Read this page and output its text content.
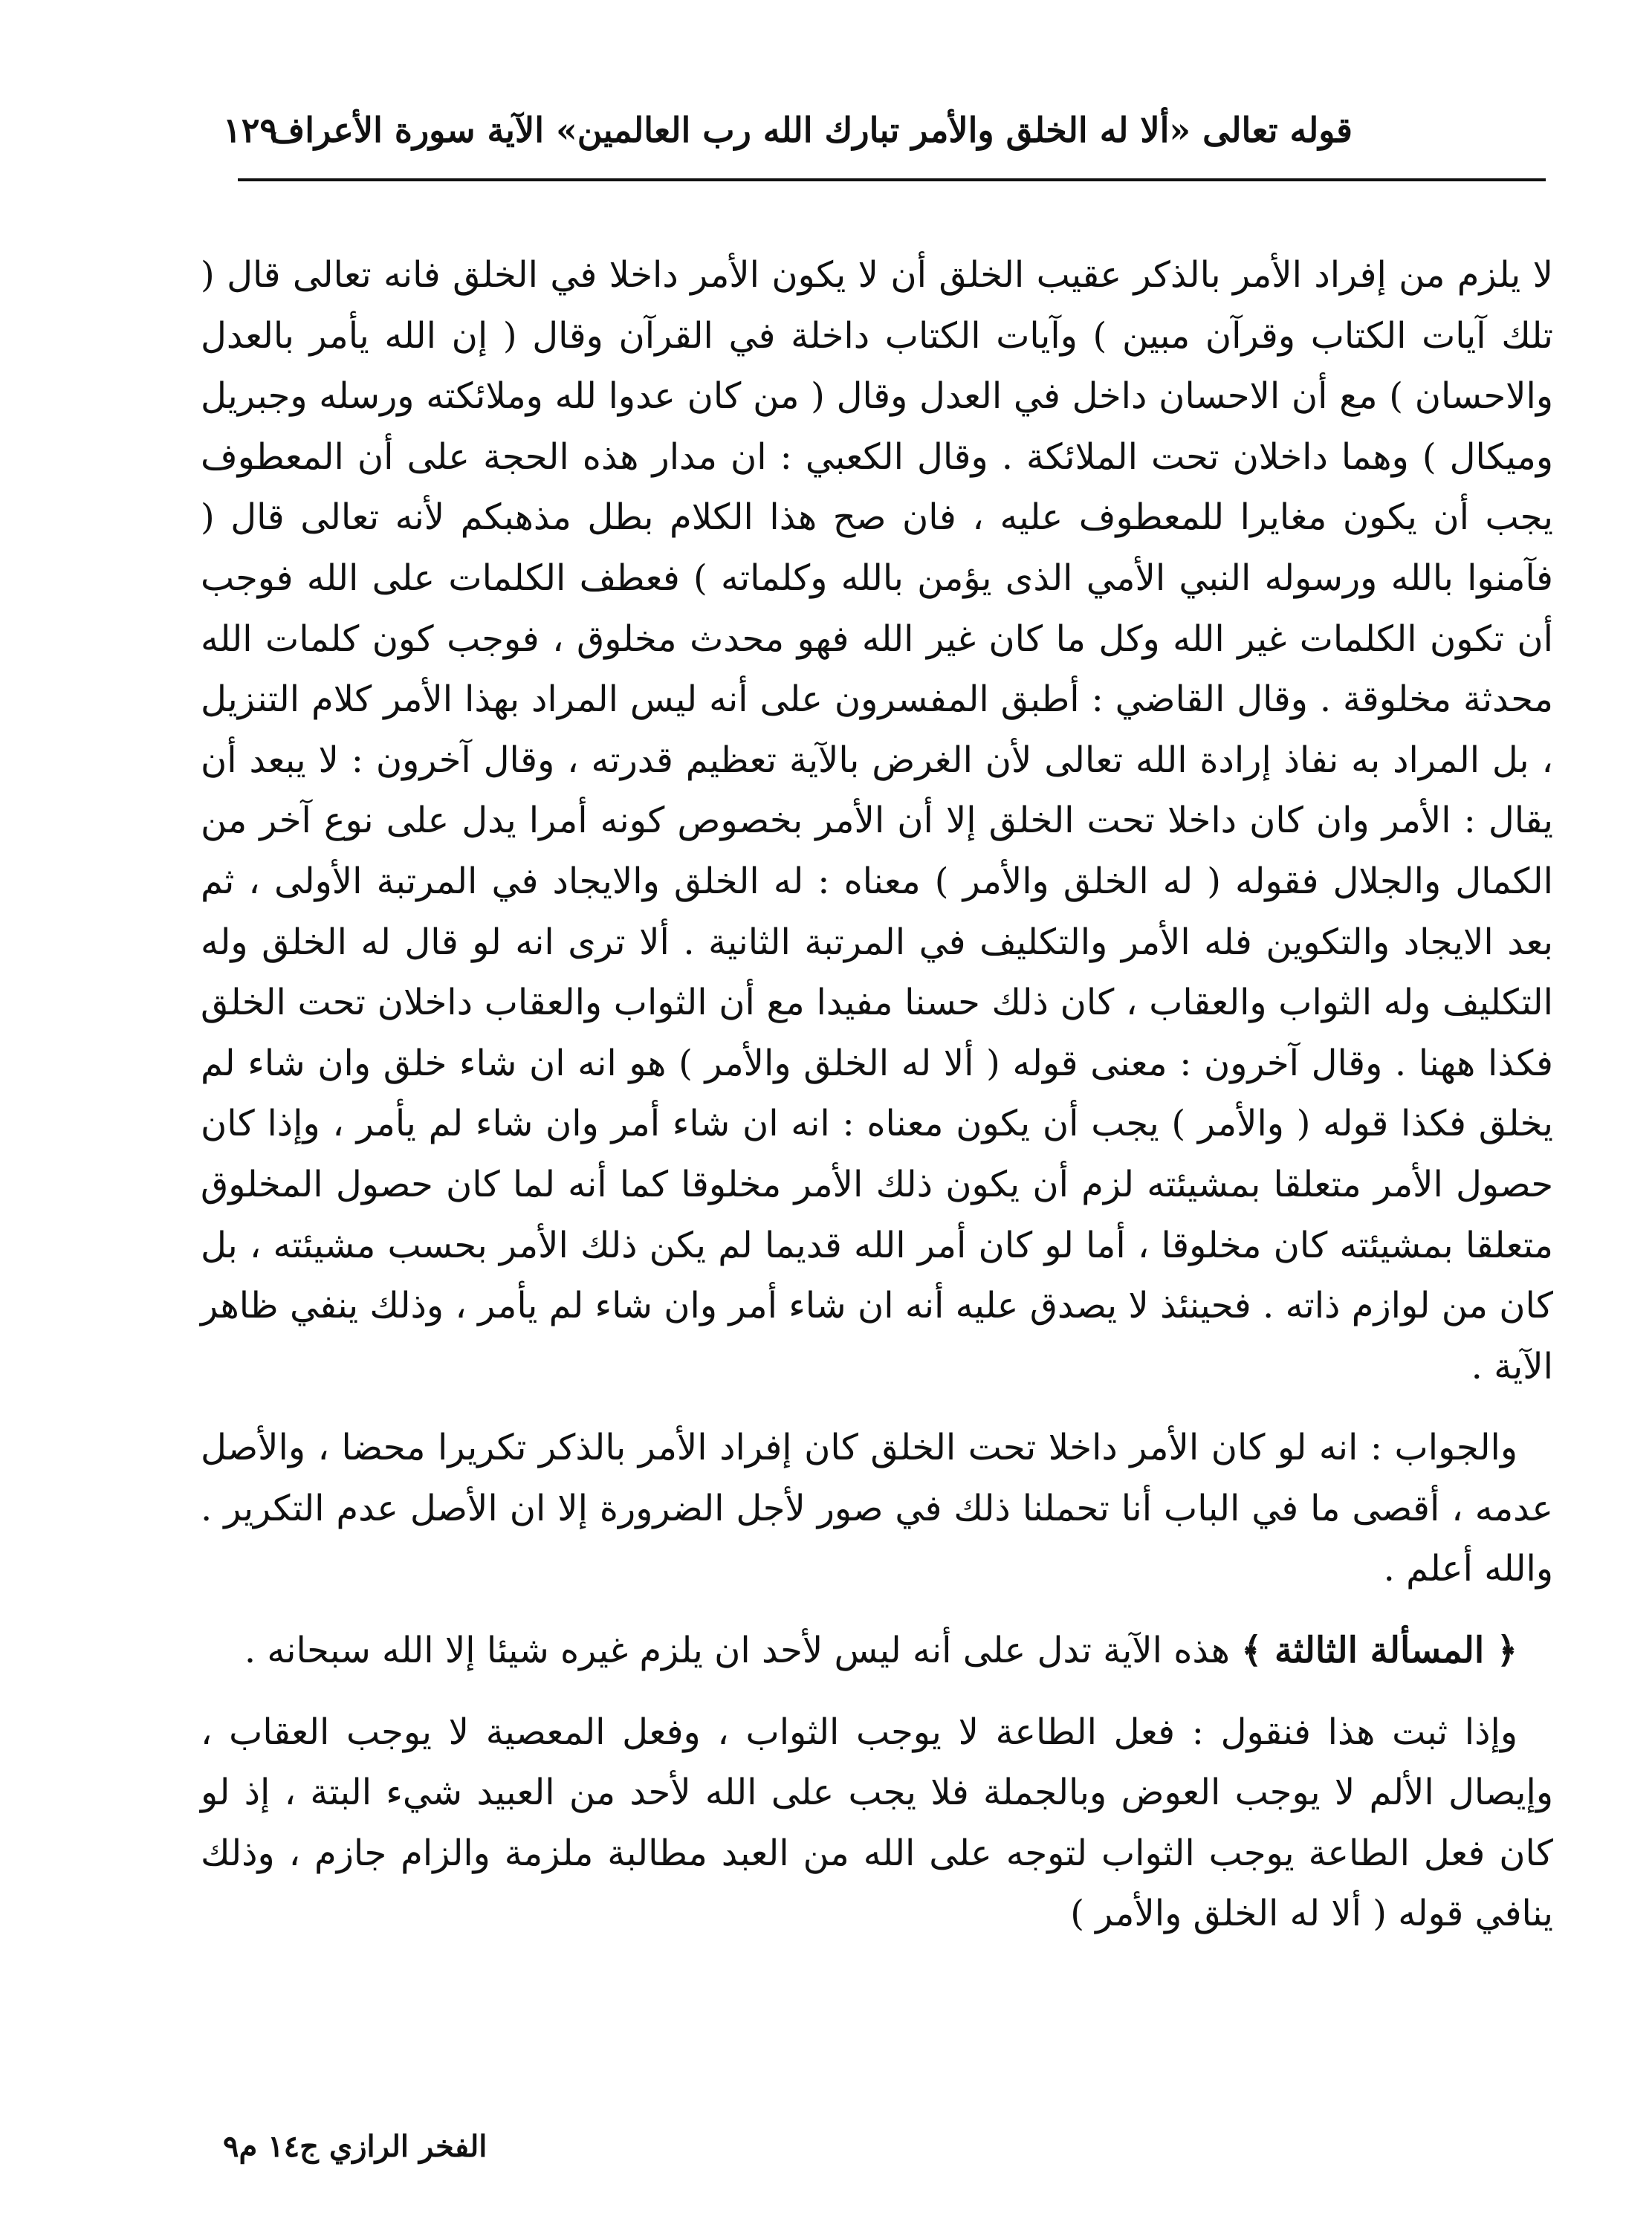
قوله تعالى «ألا له الخلق والأمر تبارك الله رب العالمين» الآية سورة الأعراف
١٢٩

لا يلزم من إفراد الأمر بالذكر عقيب الخلق أن لا يكون الأمر داخلا في الخلق فانه تعالى قال ( تلك آيات الكتاب وقرآن مبين ) وآيات الكتاب داخلة في القرآن وقال ( إن الله يأمر بالعدل والاحسان ) مع أن الاحسان داخل في العدل وقال ( من كان عدوا لله وملائكته ورسله وجبريل وميكال ) وهما داخلان تحت الملائكة . وقال الكعبي : ان مدار هذه الحجة على أن المعطوف يجب أن يكون مغايرا للمعطوف عليه ، فان صح هذا الكلام بطل مذهبكم لأنه تعالى قال ( فآمنوا بالله ورسوله النبي الأمي الذى يؤمن بالله وكلماته ) فعطف الكلمات على الله فوجب أن تكون الكلمات غير الله وكل ما كان غير الله فهو محدث مخلوق ، فوجب كون كلمات الله محدثة مخلوقة . وقال القاضي : أطبق المفسرون على أنه ليس المراد بهذا الأمر كلام التنزيل ، بل المراد به نفاذ إرادة الله تعالى لأن الغرض بالآية تعظيم قدرته ، وقال آخرون : لا يبعد أن يقال : الأمر وان كان داخلا تحت الخلق إلا أن الأمر بخصوص كونه أمرا يدل على نوع آخر من الكمال والجلال فقوله ( له الخلق والأمر ) معناه : له الخلق والايجاد في المرتبة الأولى ، ثم بعد الايجاد والتكوين فله الأمر والتكليف في المرتبة الثانية . ألا ترى انه لو قال له الخلق وله التكليف وله الثواب والعقاب ، كان ذلك حسنا مفيدا مع أن الثواب والعقاب داخلان تحت الخلق فكذا ههنا . وقال آخرون : معنى قوله ( ألا له الخلق والأمر ) هو انه ان شاء خلق وان شاء لم يخلق فكذا قوله ( والأمر ) يجب أن يكون معناه : انه ان شاء أمر وان شاء لم يأمر ، وإذا كان حصول الأمر متعلقا بمشيئته لزم أن يكون ذلك الأمر مخلوقا كما أنه لما كان حصول المخلوق متعلقا بمشيئته كان مخلوقا ، أما لو كان أمر الله قديما لم يكن ذلك الأمر بحسب مشيئته ، بل كان من لوازم ذاته . فحينئذ لا يصدق عليه أنه ان شاء أمر وان شاء لم يأمر ، وذلك ينفي ظاهر الآية .

والجواب : انه لو كان الأمر داخلا تحت الخلق كان إفراد الأمر بالذكر تكريرا محضا ، والأصل عدمه ، أقصى ما في الباب أنا تحملنا ذلك في صور لأجل الضرورة إلا ان الأصل عدم التكرير . والله أعلم .

﴿ المسألة الثالثة ﴾ هذه الآية تدل على أنه ليس لأحد ان يلزم غيره شيئا إلا الله سبحانه .

وإذا ثبت هذا فنقول : فعل الطاعة لا يوجب الثواب ، وفعل المعصية لا يوجب العقاب ، وإيصال الألم لا يوجب العوض وبالجملة فلا يجب على الله لأحد من العبيد شيء البتة ، إذ لو كان فعل الطاعة يوجب الثواب لتوجه على الله من العبد مطالبة ملزمة والزام جازم ، وذلك ينافي قوله ( ألا له الخلق والأمر )

الفخر الرازي ج١٤ م٩
